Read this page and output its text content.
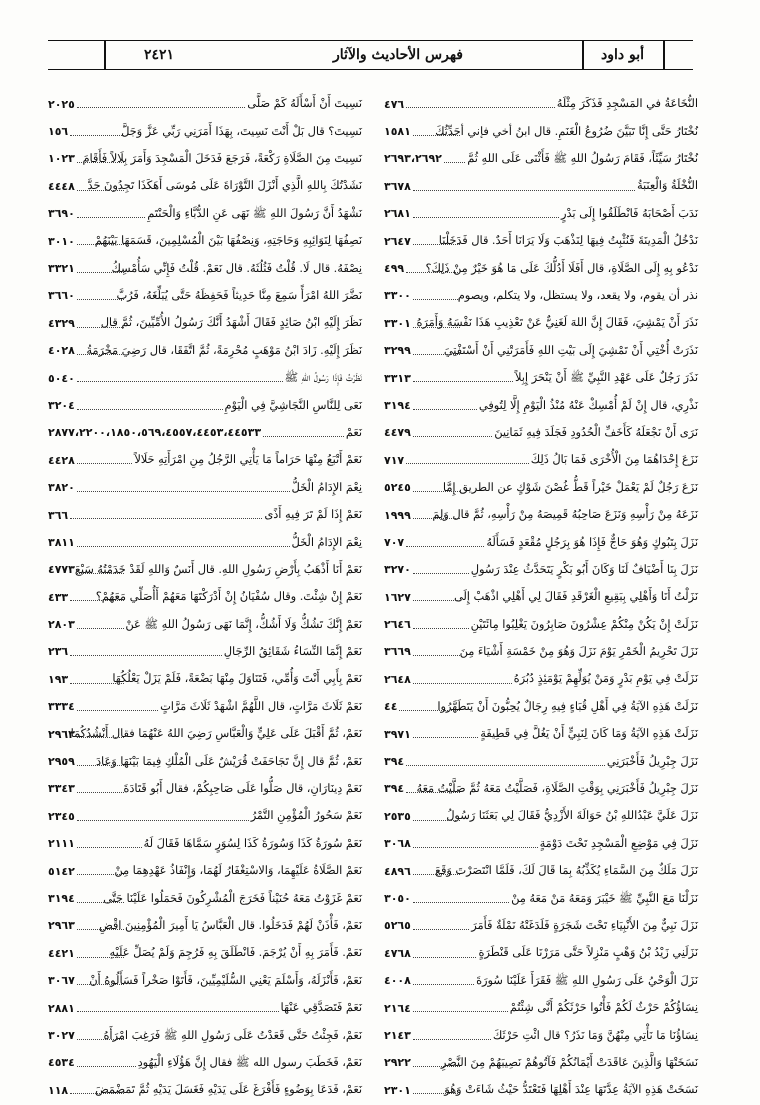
٢٤٢١	فهرس الأحاديث والآثار	أبو داود
النُّخَاعَةُ في المَسْجِدِ فَذَكَرَ مِثْلَهُ
٤٧٦
نُخْتَارُ حَتَّى إِنَّا تَبَيَّنَ ضُرُوعُ الْغَنَمِ. قال ابنُ أخي فإني أحَدِّثُكَ
١٥٨١
نُخْتَارُ سَيِّئَاً، فَقَامَ رَسُولُ اللهِ ﷺ فَأَثْنَى عَلَى اللهِ ثُمَّ
٢٦٩٣،٢٦٩٢
النُّخْلَةُ وَالْعِنَبَةُ
٣٦٧٨
نَدَبَ أَصْحَابَهُ فَانْطَلَقُوا إِلَى بَدْرٍ
٢٦٨١
نَدْخُلُ الْمَدِينَةَ فَنُثْبِتُ فِيهَا لِنَذْهَبَ وَلَا يَرَانَا أَحَدٌ. قال فَدَخَلْنَا
٢٦٤٧
نَدْعُو بِهِ إِلَى الصَّلَاةِ، قال أَفَلَا أَدُلُّكَ عَلَى مَا هُوَ خَيْرٌ مِنْ ذَلِكَ؟
٤٩٩
نذر أن يقوم، ولا يقعد، ولا يستظل، ولا يتكلم، ويصوم
٣٣٠٠
نَذَرَ أَنْ يَمْشِيَ، فَقَالَ إِنَّ اللهَ لَغَنِيٌّ عَنْ تَعْذِيبِ هَذَا نَفْسَهُ وَأَمَرَهُ
٣٣٠١
نَذَرَتْ أُخْتِي أَنْ تَمْشِيَ إِلَى بَيْتِ اللهِ فَأَمَرَتْنِي أَنْ أَسْتَفْتِيَ
٣٢٩٩
نَذَرَ رَجُلٌ عَلَى عَهْدِ النَّبِيِّ ﷺ أَنْ يَنْحَرَ إِبِلاً
٣٣١٣
نَذْرِي، قال إِنْ لَمْ أُمْسِكْ عَنْهُ مُنْذُ الْيَوْمِ إِلَّا لِتُوفِي
٣١٩٤
نَرَى أَنْ نَجْعَلَهُ كَأَخَفِّ الْحُدُودِ فَجَلَدَ فِيهِ ثَمَانِينَ
٤٤٧٩
نَزَعَ إِحْدَاهُمَا مِنَ الْأُخْرَى فَمَا بَالُ ذَلِكَ
٧١٧
نَزَعَ رَجُلٌ لَمْ يَعْمَلْ خَيْراً قَطُّ غُصْنَ شَوْكٍ عن الطريق إِمَّا
٥٢٤٥
نَزَعَهُ مِنْ رَأْسِهِ وَنَزَعَ صَاحِبُهُ قَمِيصَهُ مِنْ رَأْسِهِ، ثُمَّ قال وَلِمَ
١٩٩٩
نَزَلَ بِتَبُوكٍ وَهُوَ حَاجٌّ فَإِذَا هُوَ بِرَجُلٍ مُقْعَدٍ فَسَأَلَهُ
٧٠٧
نَزَلَ بِنَا أَضْيَافٌ لَنَا وَكَانَ أَبُو بَكْرٍ يَتَحَدَّثُ عِنْدَ رَسُولِ
٣٢٧٠
نَزَلْتُ أَنَا وَأَهْلِي بِبَقِيعِ الْغَرْقَدِ فَقَالَ لِي أَهْلِي اذْهَبْ إِلَى
١٦٢٧
نَزَلَتْ إِنْ يَكُنْ مِنْكُمْ عِشْرُونَ صَابِرُونَ يَغْلِبُوا مِائَتَيْنِ
٢٦٤٦
نَزَلَ تَحْرِيمُ الْخَمْرِ يَوْمَ نَزَلَ وَهُوَ مِنْ خَمْسَةِ أَشْيَاءَ مِنَ
٣٦٦٩
نَزَلَتْ فِي يَوْمِ بَدْرٍ وَمَنْ يُوَلِّهِمْ يَوْمَئِذٍ دُبُرَهُ
٢٦٤٨
نَزَلَتْ هَذِهِ الآيَةُ فِي أَهْلِ قُبَاءٍ فِيهِ رِجَالٌ يُحِبُّونَ أَنْ يَتَطَهَّرُوا
٤٤
نَزَلَتْ هَذِهِ الآيَةُ وَمَا كَانَ لِنَبِيٍّ أَنْ يَغُلَّ فِي قَطِيفَةٍ
٣٩٧١
نَزَلَ جِبْرِيلُ فَأَخْبَرَنِي
٣٩٤
نَزَلَ جِبْرِيلُ فَأَخْبَرَنِي بِوَقْتِ الصَّلَاةِ، فَصَلَّيْتُ مَعَهُ ثُمَّ صَلَّيْتُ مَعَهُ
٣٩٤
نَزَلَ عَلَيَّ عَبْدُاللهِ بْنُ حَوَالَةَ الأَزْدِيُّ فَقَالَ لِي بَعَثَنَا رَسُولُ
٢٥٣٥
نَزَلَ فِي مَوْضِعِ الْمَسْجِدِ تَحْتَ دَوْمَةٍ
٣٠٦٨
نَزَلَ مَلَكٌ مِنَ السَّمَاءِ يُكَذِّبُهُ بِمَا قَالَ لَكَ، فَلَمَّا انْتَصَرْتَ وَقَعَ
٤٨٩٦
نَزَلْنَا مَعَ النَّبِيِّ ﷺ خَيْبَرَ وَمَعَهُ مَنْ مَعَهُ مِنْ
٣٠٥٠
نَزَلَ نَبِيٌّ مِنَ الأَنْبِيَاءِ تَحْتَ شَجَرَةٍ فَلَدَغَتْهُ نَمْلَةٌ فَأَمَرَ
٥٢٦٥
نَزَلَنِي زَيْدُ بْنُ وَهْبٍ مَنْزِلاً حَتَّى مَرَرْنَا عَلَى قَنْطَرَةٍ
٤٧٦٨
نَزَلَ الْوَحْيُ عَلَى رَسُولِ اللهِ ﷺ فَقَرَأَ عَلَيْنَا سُورَةَ
٤٠٠٨
نِسَاؤُكُمْ حَرْثٌ لَكُمْ فَأْتُوا حَرْثَكُمْ أَنَّى شِئْتُمْ
٢١٦٤
نِسَاؤُنَا مَا نَأْتِي مِنْهُنَّ وَمَا نَذَرُ؟ قال ائْتِ حَرْثَكَ
٢١٤٣
نَسَخَتْهَا وَالَّذِينَ عَاقَدَتْ أَيْمَانُكُمْ فَآتُوهُمْ نَصِيبَهُمْ مِنَ النَّصْرِ
٢٩٢٢
نَسَخَتْ هَذِهِ الآيَةُ عِدَّتَهَا عِنْدَ أَهْلِهَا فَتَعْتَدُّ حَيْثُ شَاءَتْ وَهُوَ
٢٣٠١
نَسِيتَ أَنْ أَسْأَلَهُ كَمْ صَلَّى
٢٠٢٥
نَسِيتَ؟ قال بَلْ أَنْتَ نَسِيتَ، بِهَذَا أَمَرَنِي رَبِّي عَزَّ وَجَلَّ
١٥٦
نَسِيتَ مِنَ الصَّلَاةِ رَكْعَةً، فَرَجَعَ فَدَخَلَ الْمَسْجِدَ وَأَمَرَ بِلَالاً فَأَقَامَ
١٠٢٣
نَشَدْتُكَ بِاللهِ الَّذِي أَنْزَلَ التَّوْرَاةَ عَلَى مُوسَى أَهَكَذَا تَجِدُونَ حَدَّ
٤٤٤٨
نَشْهَدُ أَنَّ رَسُولَ اللهِ ﷺ نَهَى عَنِ الدُّبَّاءِ وَالْحَنْتَمِ
٣٦٩٠
نَصِفُهَا لِنَوَائِبِهِ وَحَاجَتِهِ، وَنِصْفُهَا بَيْنَ الْمُسْلِمِينَ، قَسَمَهَا بَيْنَهُمْ
٣٠١٠
نِصْفَهُ. قال لَا. قُلْتُ فَثُلُثَهُ. قال نَعَمْ. قُلْتُ فَإِنِّي سَأُمْسِكُ
٣٣٢١
نَضَّرَ اللهُ امْرَأً سَمِعَ مِنَّا حَدِيثاً فَحَفِظَهُ حَتَّى يُبَلِّغَهُ، فَرُبَّ
٣٦٦٠
نَظَرَ إِلَيْهِ ابْنُ صَائِدٍ فَقَالَ أَشْهَدُ أَنَّكَ رَسُولُ الأُمِّيِّينَ، ثُمَّ قال
٤٣٢٩
نَظَرَ إِلَيْهِ. زَادَ ابْنُ مَوْهَبٍ مُحْرِمَةً، ثُمَّ اتَّفَقَا، قال رَضِيَ مَخْرَمَةُ
٤٠٢٨
نَظَرْتُ فَإِذَا رَسُولُ اللهِ ﷺ
٥٠٤٠
نَعَى لِلنَّاسِ النَّجَاشِيَّ فِي الْيَوْمِ
٣٢٠٤
نَعَمْ
٢٨٧٧،٢٢٠٠،١٨٥٠،٥٦٩،٤٥٥٧،٤٤٥٣،٤٤٥٣٣
نَعَمْ أَتْبَعُ مِنْهَا حَرَاماً مَا يَأْتِي الرَّجُلُ مِنِ امْرَأَتِهِ حَلَالاً
٤٤٢٨
نِعْمَ الإِدَامُ الْخَلُّ
٣٨٢٠
نَعَمْ إِذَا لَمْ تَرَ فِيهِ أَذًى
٣٦٦
نِعْمَ الإِدَامُ الْخَلُّ
٣٨١١
نَعَمْ أَنَا أَذْهَبُ بِأَرْضِ رَسُولِ اللهِ. قال أَنَسٌ وَاللهِ لَقَدْ خَدَمْتُهُ سَبْعَ
٤٧٧٣
نَعَمْ إِنْ شِئْتَ. وقال سُفْيَانُ إِنْ أَدْرَكْتَهَا مَعَهُمْ أَأُصَلِّي مَعَهُمْ؟
٤٣٣
نَعَمْ إِنَّكَ تَشُكُّ وَلَا أَشُكُّ، إِنَّمَا نَهَى رَسُولُ اللهِ ﷺ عَنْ
٢٨٠٣
نَعَمْ إِنَّمَا النِّسَاءُ شَقَائِقُ الرِّجَالِ
٢٣٦
نَعَمْ بِأَبِي أَنْتَ وَأُمِّي، فَتَنَاوَلَ مِنْهَا بَضْعَةً، فَلَمْ يَزَلْ يَعْلُكُهَا
١٩٣
نَعَمْ ثَلَاثَ مَرَّاتٍ، قال اللَّهُمَّ اشْهَدْ ثَلَاثَ مَرَّاتٍ
٣٣٣٤
نَعَمْ، ثُمَّ أَقْبَلَ عَلَى عَلِيٍّ وَالْعَبَّاسِ رَضِيَ اللهُ عَنْهُمَا فقال أَنْشُدُكُمَا
٢٩٦٣
نَعَمْ، ثُمَّ قال إِنَّ تَجَاحَفَتْ قُرَيْشٌ عَلَى الْمُلْكِ فِيمَا بَيْنَهَا وَعَادَ
٢٩٥٩
نَعَمْ دِينَارَانِ، قال صَلُّوا عَلَى صَاحِبِكُمْ، فقال أَبُو قَتَادَةَ
٣٣٤٣
نَعَمْ سَحُورُ الْمُؤْمِنِ التَّمْرُ
٢٣٤٥
نَعَمْ سُورَةُ كَذَا وَسُورَةُ كَذَا لِسُوَرٍ سَمَّاهَا فَقَالَ لَهُ
٢١١١
نَعَمْ الصَّلَاةُ عَلَيْهِمَا، وَالاسْتِغْفَارُ لَهُمَا، وَإِنْفَاذُ عَهْدِهِمَا مِنْ
٥١٤٢
نَعَمْ غَزَوْتُ مَعَهُ حُنَيْناً فَخَرَجَ الْمُشْرِكُونَ فَحَمَلُوا عَلَيْنَا حَتَّى
٣١٩٤
نَعَمْ، فَأْذَنْ لَهُمْ فَدَخَلُوا. قال الْعَبَّاسُ يَا أَمِيرَ الْمُؤْمِنِينَ اقْضِ
٢٩٦٣
نَعَمْ. فَأَمَرَ بِهِ أَنْ يُرْجَمَ. فَانْطَلَقَ بِهِ فَرُجِمَ وَلَمْ يُصَلِّ عَلَيْهِ
٤٤٢١
نَعَمْ، فَأَنْزَلَهُ، وَأَسْلَمَ يَعْنِي السُّلَيْمِيِّينَ، فَأَتَوْا صَخْراً فَسَأَلُوهُ أَنْ
٣٠٦٧
نَعَمْ فَتَصَدَّقِي عَنْهَا
٢٨٨١
نَعَمْ، فَجِئْتُ حَتَّى قَعَدْتُ عَلَى رَسُولِ اللهِ ﷺ فَرَغِبَ امْرَأَهُ
٣٠٢٧
نَعَمْ، فَخَطَبَ رسول الله ﷺ فقال إِنَّ هَؤُلَاءِ الْيَهُودِ
٤٥٣٤
نَعَمْ، فَدَعَا بِوَضُوءٍ فَأَفْرَغَ عَلَى يَدَيْهِ فَغَسَلَ يَدَيْهِ ثُمَّ تَمَضْمَضَ
١١٨
